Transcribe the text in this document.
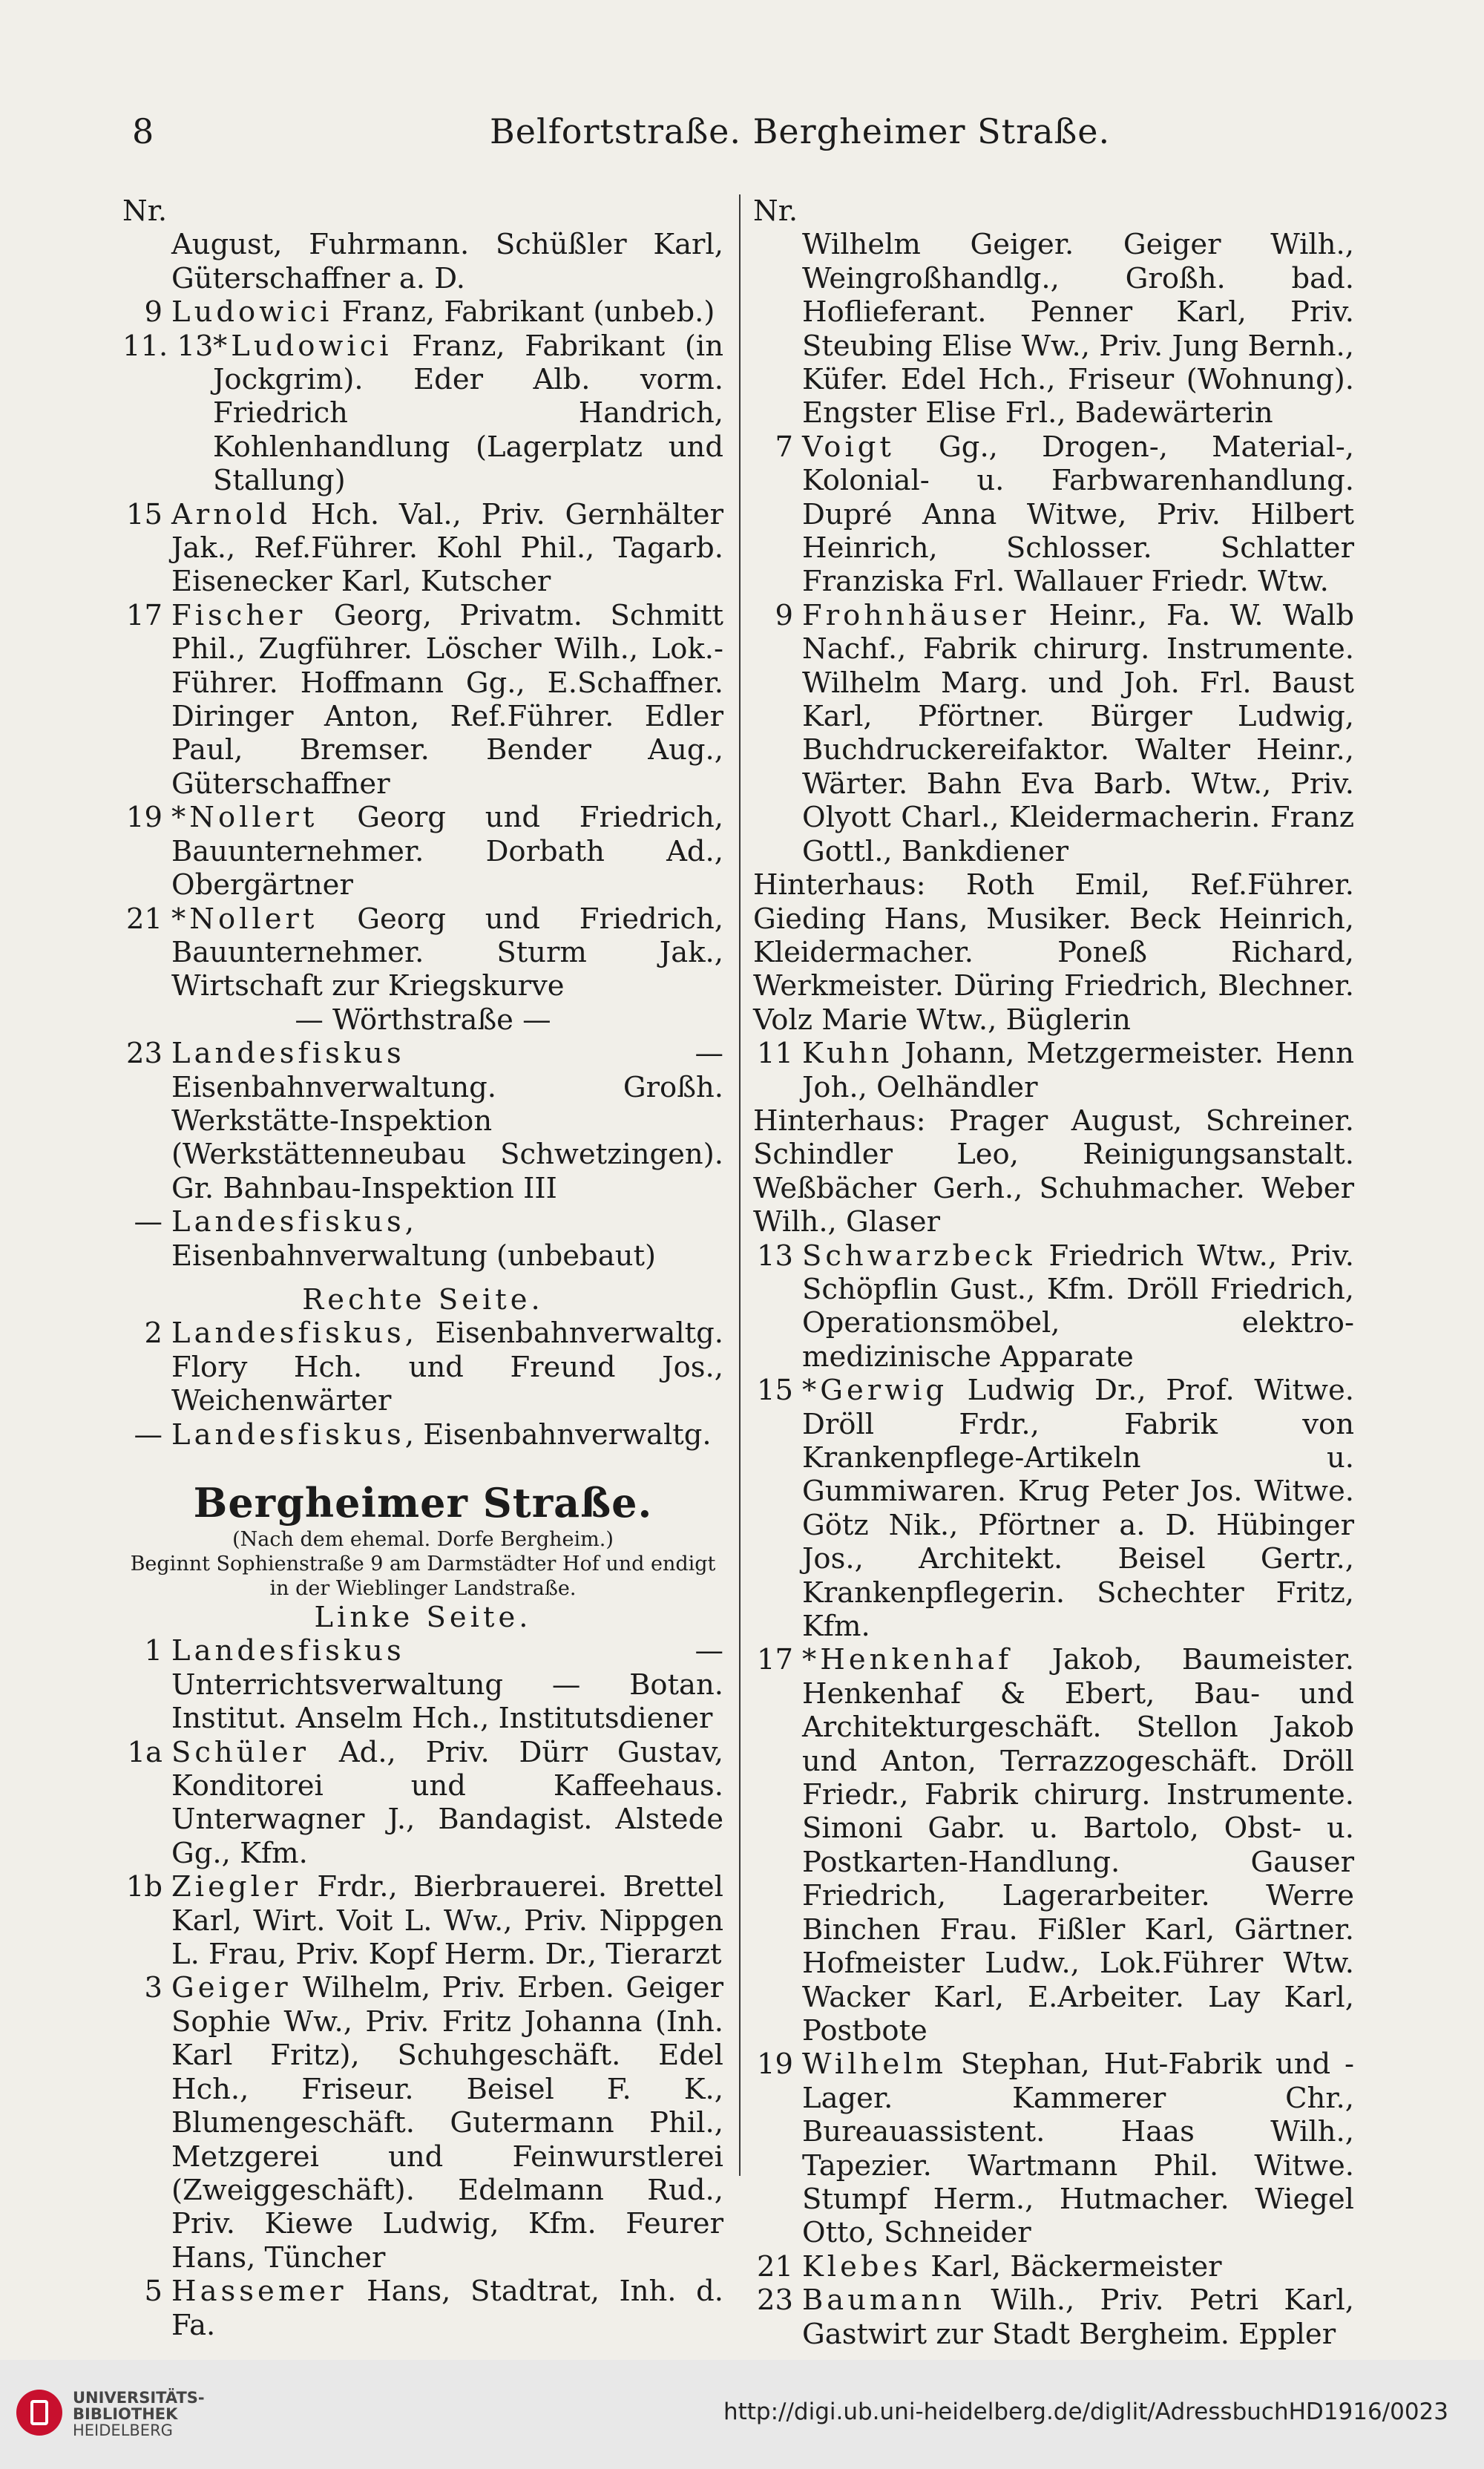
8	Belfortstraße. Bergheimer Straße.
Nr.
August, Fuhrmann. Schüßler Karl, Güterschaffner a. D.
9 Ludowici Franz, Fabrikant (unbeb.)
11. 13 *Ludowici Franz, Fabrikant (in Jockgrim). Eder Alb. vorm. Friedrich Handrich, Kohlenhandlung (Lagerplatz und Stallung)
15 Arnold Hch. Val., Priv. Gernhälter Jak., Ref.Führer. Kohl Phil., Tagarb. Eisenecker Karl, Kutscher
17 Fischer Georg, Privatm. Schmitt Phil., Zugführer. Löscher Wilh., Lok.-Führer. Hoffmann Gg., E.Schaffner. Diringer Anton, Ref.Führer. Edler Paul, Bremser. Bender Aug., Güterschaffner
19 *Nollert Georg und Friedrich, Bauunternehmer. Dorbath Ad., Obergärtner
21 *Nollert Georg und Friedrich, Bauunternehmer. Sturm Jak., Wirtschaft zur Kriegskurve
— Wörthstraße —
23 Landesfiskus — Eisenbahnverwaltung. Großh. Werkstätte-Inspektion (Werkstättenneubau Schwetzingen). Gr. Bahnbau-Inspektion III
— Landesfiskus, Eisenbahnverwaltung (unbebaut)
Rechte Seite.
2 Landesfiskus, Eisenbahnverwaltg. Flory Hch. und Freund Jos., Weichenwärter
— Landesfiskus, Eisenbahnverwaltg.
Bergheimer Straße.
(Nach dem ehemal. Dorfe Bergheim.)
Beginnt Sophienstraße 9 am Darmstädter Hof und endigt in der Wieblinger Landstraße.
Linke Seite.
1 Landesfiskus — Unterrichtsverwaltung — Botan. Institut. Anselm Hch., Institutsdiener
1a Schüler Ad., Priv. Dürr Gustav, Konditorei und Kaffeehaus. Unterwagner J., Bandagist. Alstede Gg., Kfm.
1b Ziegler Frdr., Bierbrauerei. Brettel Karl, Wirt. Voit L. Ww., Priv. Nippgen L. Frau, Priv. Kopf Herm. Dr., Tierarzt
3 Geiger Wilhelm, Priv. Erben. Geiger Sophie Ww., Priv. Fritz Johanna (Inh. Karl Fritz), Schuhgeschäft. Edel Hch., Friseur. Beisel F. K., Blumengeschäft. Gutermann Phil., Metzgerei und Feinwurstlerei (Zweiggeschäft). Edelmann Rud., Priv. Kiewe Ludwig, Kfm. Feurer Hans, Tüncher
5 Hassemer Hans, Stadtrat, Inh. d. Fa.
Nr.
Wilhelm Geiger. Geiger Wilh., Weingroßhandlg., Großh. bad. Hoflieferant. Penner Karl, Priv. Steubing Elise Ww., Priv. Jung Bernh., Küfer. Edel Hch., Friseur (Wohnung). Engster Elise Frl., Badewärterin
7 Voigt Gg., Drogen-, Material-, Kolonial- u. Farbwarenhandlung. Dupré Anna Witwe, Priv. Hilbert Heinrich, Schlosser. Schlatter Franziska Frl. Wallauer Friedr. Wtw.
9 Frohnhäuser Heinr., Fa. W. Walb Nachf., Fabrik chirurg. Instrumente. Wilhelm Marg. und Joh. Frl. Baust Karl, Pförtner. Bürger Ludwig, Buchdruckereifaktor. Walter Heinr., Wärter. Bahn Eva Barb. Wtw., Priv. Olyott Charl., Kleidermacherin. Franz Gottl., Bankdiener
Hinterhaus: Roth Emil, Ref.Führer. Gieding Hans, Musiker. Beck Heinrich, Kleidermacher. Poneß Richard, Werkmeister. Düring Friedrich, Blechner. Volz Marie Wtw., Büglerin
11 Kuhn Johann, Metzgermeister. Henn Joh., Oelhändler
Hinterhaus: Prager August, Schreiner. Schindler Leo, Reinigungsanstalt. Weßbächer Gerh., Schuhmacher. Weber Wilh., Glaser
13 Schwarzbeck Friedrich Wtw., Priv. Schöpflin Gust., Kfm. Dröll Friedrich, Operationsmöbel, elektro-medizinische Apparate
15 *Gerwig Ludwig Dr., Prof. Witwe. Dröll Frdr., Fabrik von Krankenpflege-Artikeln u. Gummiwaren. Krug Peter Jos. Witwe. Götz Nik., Pförtner a. D. Hübinger Jos., Architekt. Beisel Gertr., Krankenpflegerin. Schechter Fritz, Kfm.
17 *Henkenhaf Jakob, Baumeister. Henkenhaf & Ebert, Bau- und Architekturgeschäft. Stellon Jakob und Anton, Terrazzogeschäft. Dröll Friedr., Fabrik chirurg. Instrumente. Simoni Gabr. u. Bartolo, Obst- u. Postkarten-Handlung. Gauser Friedrich, Lagerarbeiter. Werre Binchen Frau. Fißler Karl, Gärtner. Hofmeister Ludw., Lok.Führer Wtw. Wacker Karl, E.Arbeiter. Lay Karl, Postbote
19 Wilhelm Stephan, Hut-Fabrik und -Lager. Kammerer Chr., Bureauassistent. Haas Wilh., Tapezier. Wartmann Phil. Witwe. Stumpf Herm., Hutmacher. Wiegel Otto, Schneider
21 Klebes Karl, Bäckermeister
23 Baumann Wilh., Priv. Petri Karl, Gastwirt zur Stadt Bergheim. Eppler
UNIVERSITÄTS-
BIBLIOTHEK
HEIDELBERG
http://digi.ub.uni-heidelberg.de/diglit/AdressbuchHD1916/0023
